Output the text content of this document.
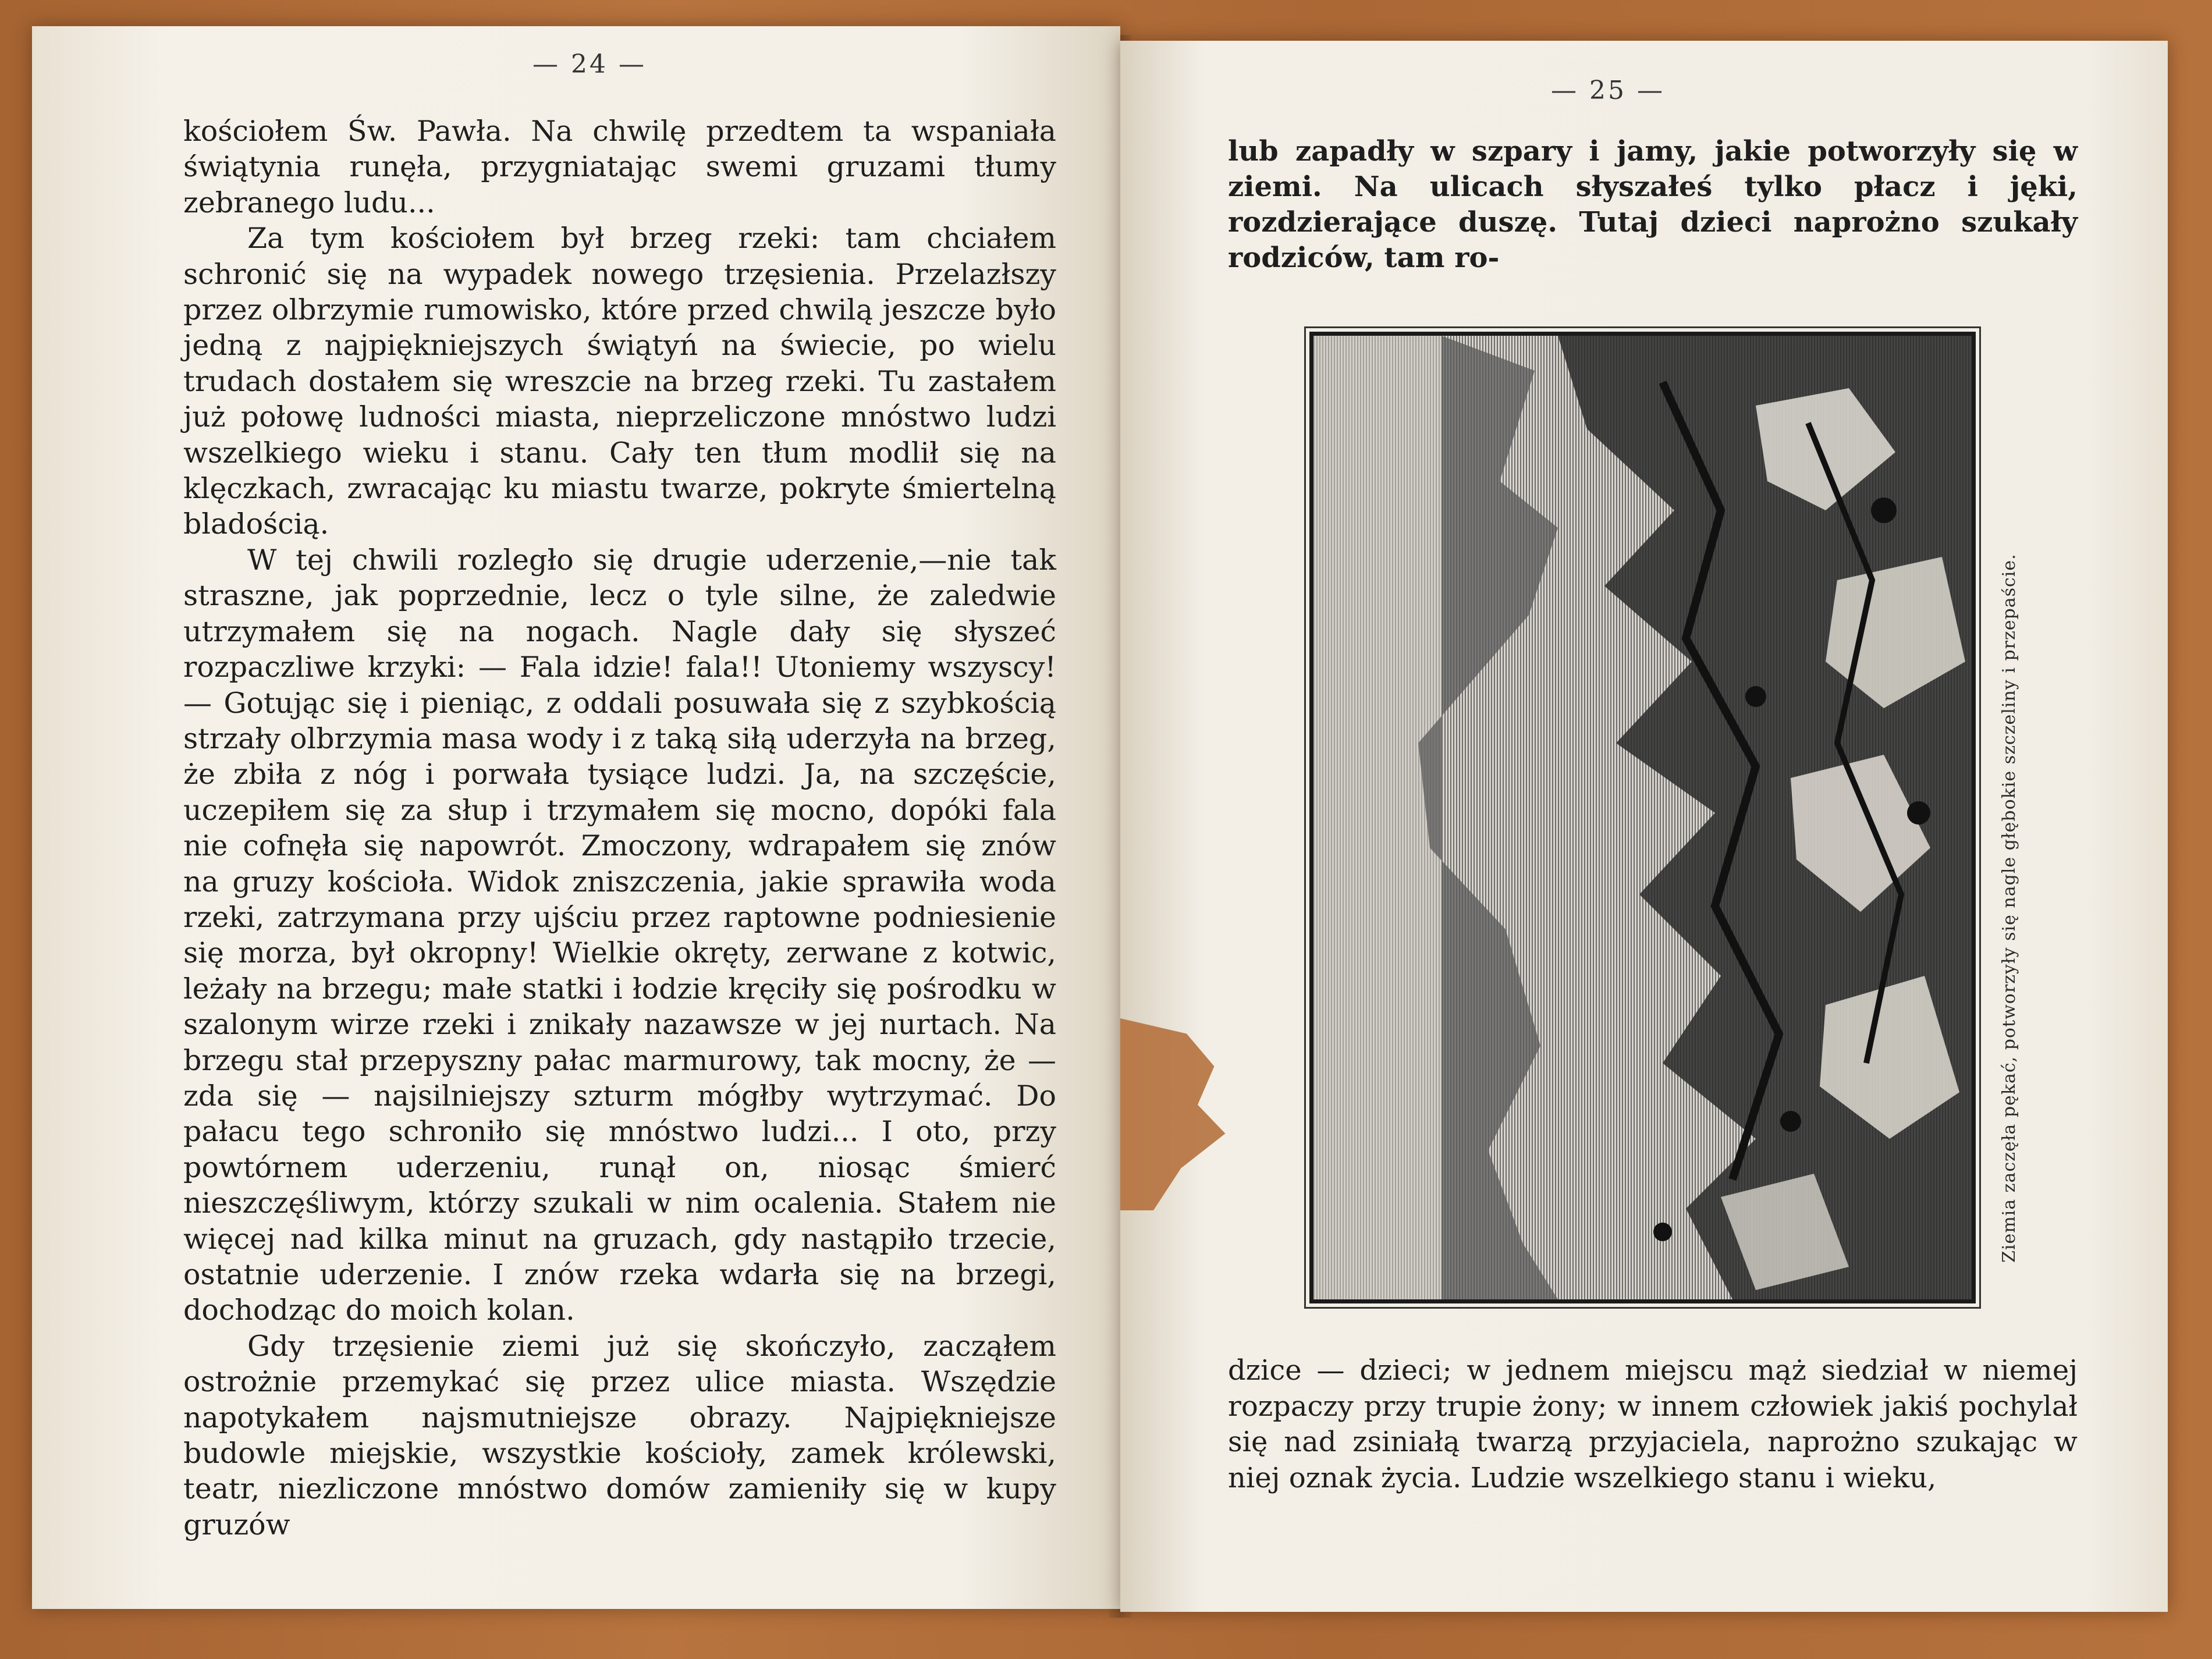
— 24 —

kościołem Św. Pawła. Na chwilę przedtem ta wspaniała świątynia runęła, przygniatając swemi gruzami tłumy zebranego ludu...

Za tym kościołem był brzeg rzeki: tam chciałem schronić się na wypadek nowego trzęsienia. Przelazłszy przez olbrzymie rumowisko, które przed chwilą jeszcze było jedną z najpiękniejszych świątyń na świecie, po wielu trudach dostałem się wreszcie na brzeg rzeki. Tu zastałem już połowę ludności miasta, nieprzeliczone mnóstwo ludzi wszelkiego wieku i stanu. Cały ten tłum modlił się na klęczkach, zwracając ku miastu twarze, pokryte śmiertelną bladością.

W tej chwili rozległo się drugie uderzenie,—nie tak straszne, jak poprzednie, lecz o tyle silne, że zaledwie utrzymałem się na nogach. Nagle dały się słyszeć rozpaczliwe krzyki: — Fala idzie! fala!! Utoniemy wszyscy! — Gotując się i pieniąc, z oddali posuwała się z szybkością strzały olbrzymia masa wody i z taką siłą uderzyła na brzeg, że zbiła z nóg i porwała tysiące ludzi. Ja, na szczęście, uczepiłem się za słup i trzymałem się mocno, dopóki fala nie cofnęła się napowrót. Zmoczony, wdrapałem się znów na gruzy kościoła. Widok zniszczenia, jakie sprawiła woda rzeki, zatrzymana przy ujściu przez raptowne podniesienie się morza, był okropny! Wielkie okręty, zerwane z kotwic, leżały na brzegu; małe statki i łodzie kręciły się pośrodku w szalonym wirze rzeki i znikały nazawsze w jej nurtach. Na brzegu stał przepyszny pałac marmurowy, tak mocny, że — zda się — najsilniejszy szturm mógłby wytrzymać. Do pałacu tego schroniło się mnóstwo ludzi... I oto, przy powtórnem uderzeniu, runął on, niosąc śmierć nieszczęśliwym, którzy szukali w nim ocalenia. Stałem nie więcej nad kilka minut na gruzach, gdy nastąpiło trzecie, ostatnie uderzenie. I znów rzeka wdarła się na brzegi, dochodząc do moich kolan.

Gdy trzęsienie ziemi już się skończyło, zacząłem ostrożnie przemykać się przez ulice miasta. Wszędzie napotykałem najsmutniejsze obrazy. Najpiękniejsze budowle miejskie, wszystkie kościoły, zamek królewski, teatr, niezliczone mnóstwo domów zamieniły się w kupy gruzów

— 25 —
lub zapadły w szpary i jamy, jakie potworzyły się w ziemi. Na ulicach słyszałeś tylko płacz i jęki, rozdzierające duszę. Tutaj dzieci naprożno szukały rodziców, tam ro-
Ziemia zaczęła pękać, potworzyły się nagle głębokie szczeliny i przepaście.
dzice — dzieci; w jednem miejscu mąż siedział w niemej rozpaczy przy trupie żony; w innem człowiek jakiś pochylał się nad zsiniałą twarzą przyjaciela, naprożno szukając w niej oznak życia. Ludzie wszelkiego stanu i wieku,
